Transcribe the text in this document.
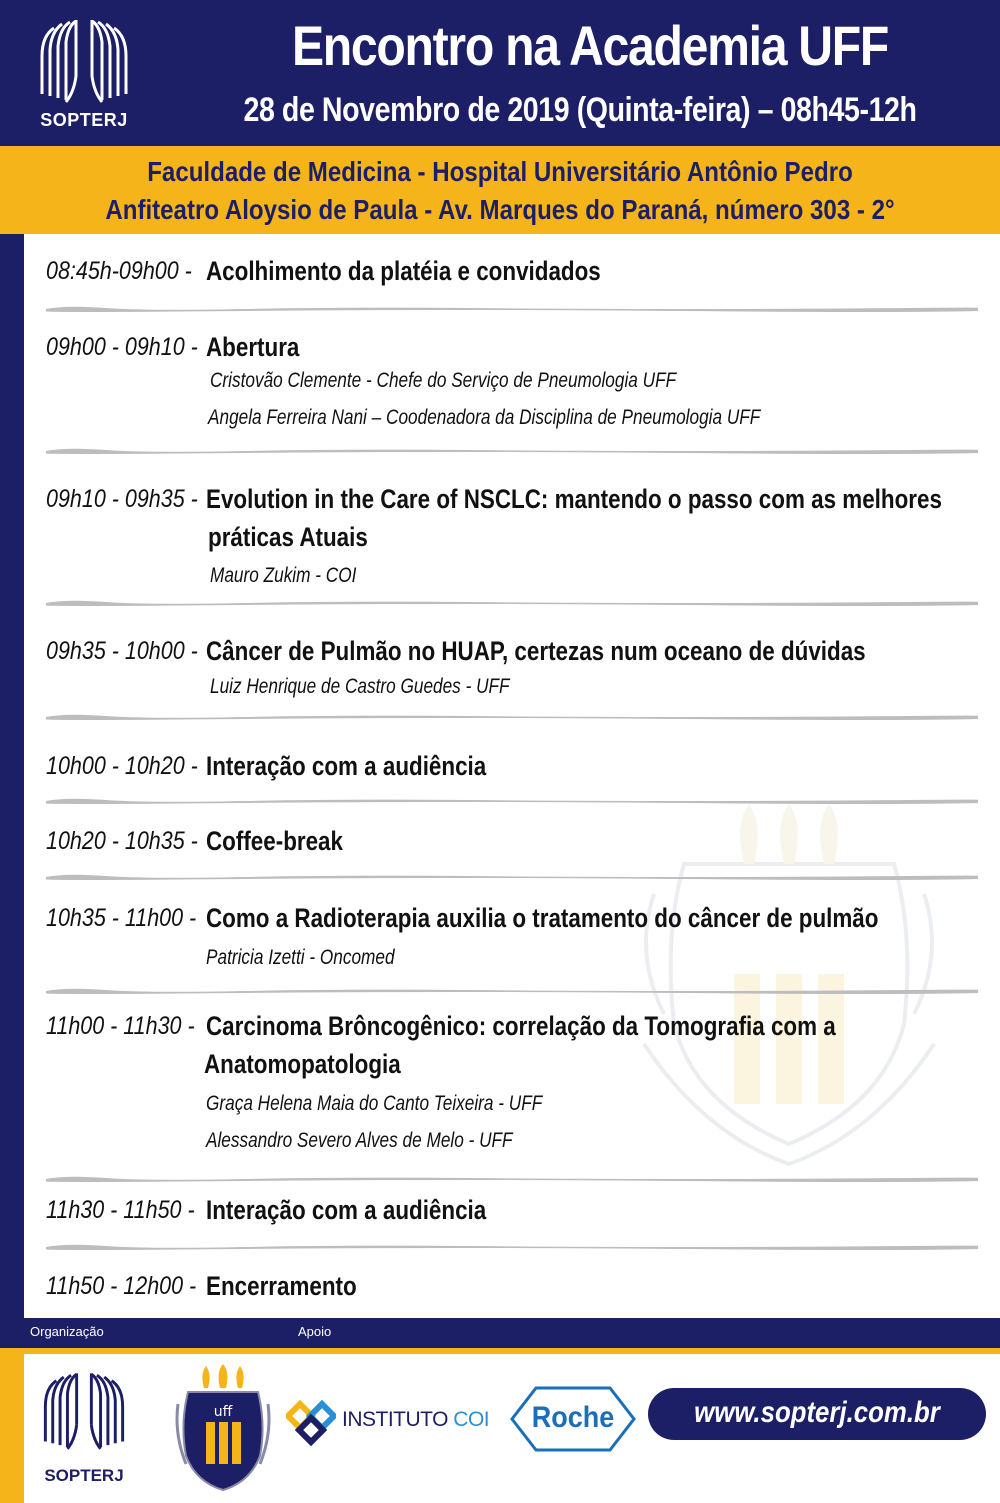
SOPTERJ
Encontro na Academia UFF
28 de Novembro de 2019 (Quinta-feira) – 08h45-12h
Faculdade de Medicina - Hospital Universitário Antônio Pedro
Anfiteatro Aloysio de Paula - Av. Marques do Paraná, número 303 - 2°
08:45h-09h00 - Acolhimento da platéia e convidados
09h00 - 09h10 - Abertura
Cristovão Clemente - Chefe do Serviço de Pneumologia UFF
Angela Ferreira Nani – Coodenadora da Disciplina de Pneumologia UFF
09h10 - 09h35 - Evolution in the Care of NSCLC: mantendo o passo com as melhores
práticas Atuais
Mauro Zukim - COI
09h35 - 10h00 - Câncer de Pulmão no HUAP, certezas num oceano de dúvidas
Luiz Henrique de Castro Guedes - UFF
10h00 - 10h20 - Interação com a audiência
10h20 - 10h35 - Coffee-break
10h35 - 11h00 - Como a Radioterapia auxilia o tratamento do câncer de pulmão
Patricia Izetti - Oncomed
11h00 - 11h30 - Carcinoma Brôncogênico: correlação da Tomografia com a
Anatomopatologia
Graça Helena Maia do Canto Teixeira - UFF
Alessandro Severo Alves de Melo - UFF
11h30 - 11h50 - Interação com a audiência
11h50 - 12h00 - Encerramento
Organização	Apoio
SOPTERJ
uff	INSTITUTO COI	Roche	www.sopterj.com.br
